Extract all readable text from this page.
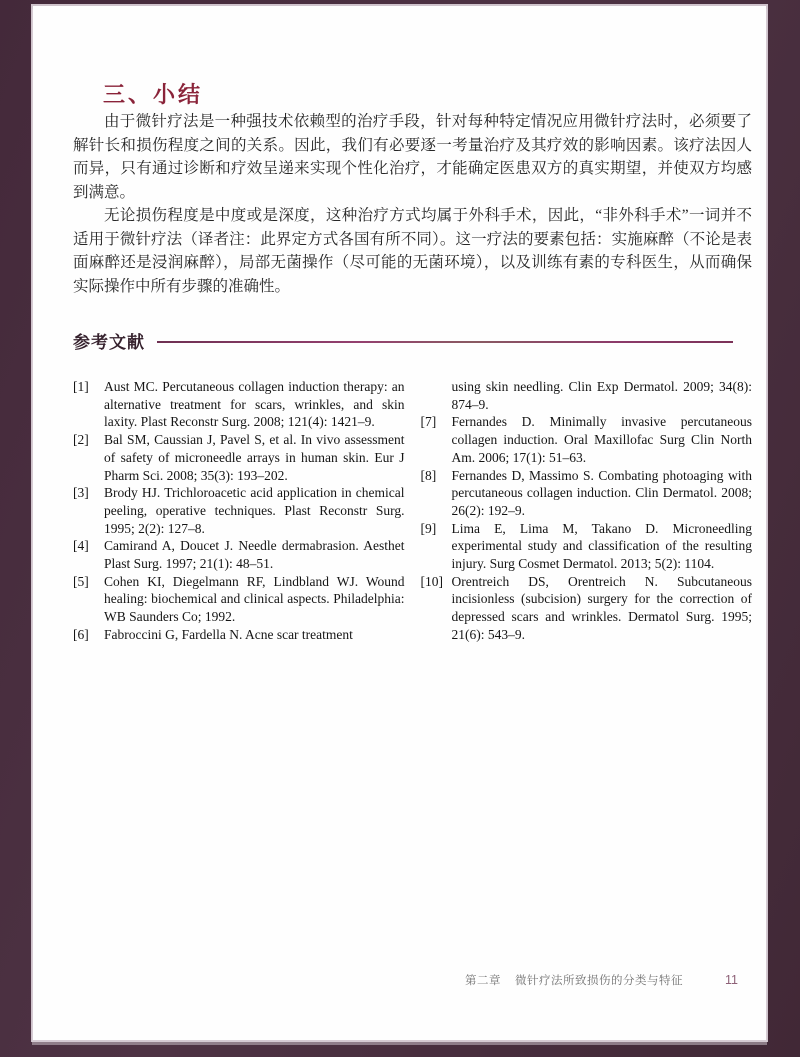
三、小结

由于微针疗法是一种强技术依赖型的治疗手段，针对每种特定情况应用微针疗法时，必须要了解针长和损伤程度之间的关系。因此，我们有必要逐一考量治疗及其疗效的影响因素。该疗法因人而异，只有通过诊断和疗效呈递来实现个性化治疗，才能确定医患双方的真实期望，并使双方均感到满意。

无论损伤程度是中度或是深度，这种治疗方式均属于外科手术，因此，“非外科手术”一词并不适用于微针疗法（译者注：此界定方式各国有所不同）。这一疗法的要素包括：实施麻醉（不论是表面麻醉还是浸润麻醉），局部无菌操作（尽可能的无菌环境），以及训练有素的专科医生，从而确保实际操作中所有步骤的准确性。

参考文献
[1]	Aust MC. Percutaneous collagen induction therapy: an alternative treatment for scars, wrinkles, and skin laxity. Plast Reconstr Surg. 2008; 121(4): 1421–9.
[2]	Bal SM, Caussian J, Pavel S, et al. In vivo assessment of safety of microneedle arrays in human skin. Eur J Pharm Sci. 2008; 35(3): 193–202.
[3]	Brody HJ. Trichloroacetic acid application in chemical peeling, operative techniques. Plast Reconstr Surg. 1995; 2(2): 127–8.
[4]	Camirand A, Doucet J. Needle dermabrasion. Aesthet Plast Surg. 1997; 21(1): 48–51.
[5]	Cohen KI, Diegelmann RF, Lindbland WJ. Wound healing: biochemical and clinical aspects. Philadelphia: WB Saunders Co; 1992.
[6]	Fabroccini G, Fardella N. Acne scar treatment
using skin needling. Clin Exp Dermatol. 2009; 34(8): 874–9.
[7]	Fernandes D. Minimally invasive percutaneous collagen induction. Oral Maxillofac Surg Clin North Am. 2006; 17(1): 51–63.
[8]	Fernandes D, Massimo S. Combating photoaging with percutaneous collagen induction. Clin Dermatol. 2008; 26(2): 192–9.
[9]	Lima E, Lima M, Takano D. Microneedling experimental study and classification of the resulting injury. Surg Cosmet Dermatol. 2013; 5(2): 1104.
[10] Orentreich DS, Orentreich N. Subcutaneous incisionless (subcision) surgery for the correction of depressed scars and wrinkles. Dermatol Surg. 1995; 21(6): 543–9.
第二章 微针疗法所致损伤的分类与特征	11
